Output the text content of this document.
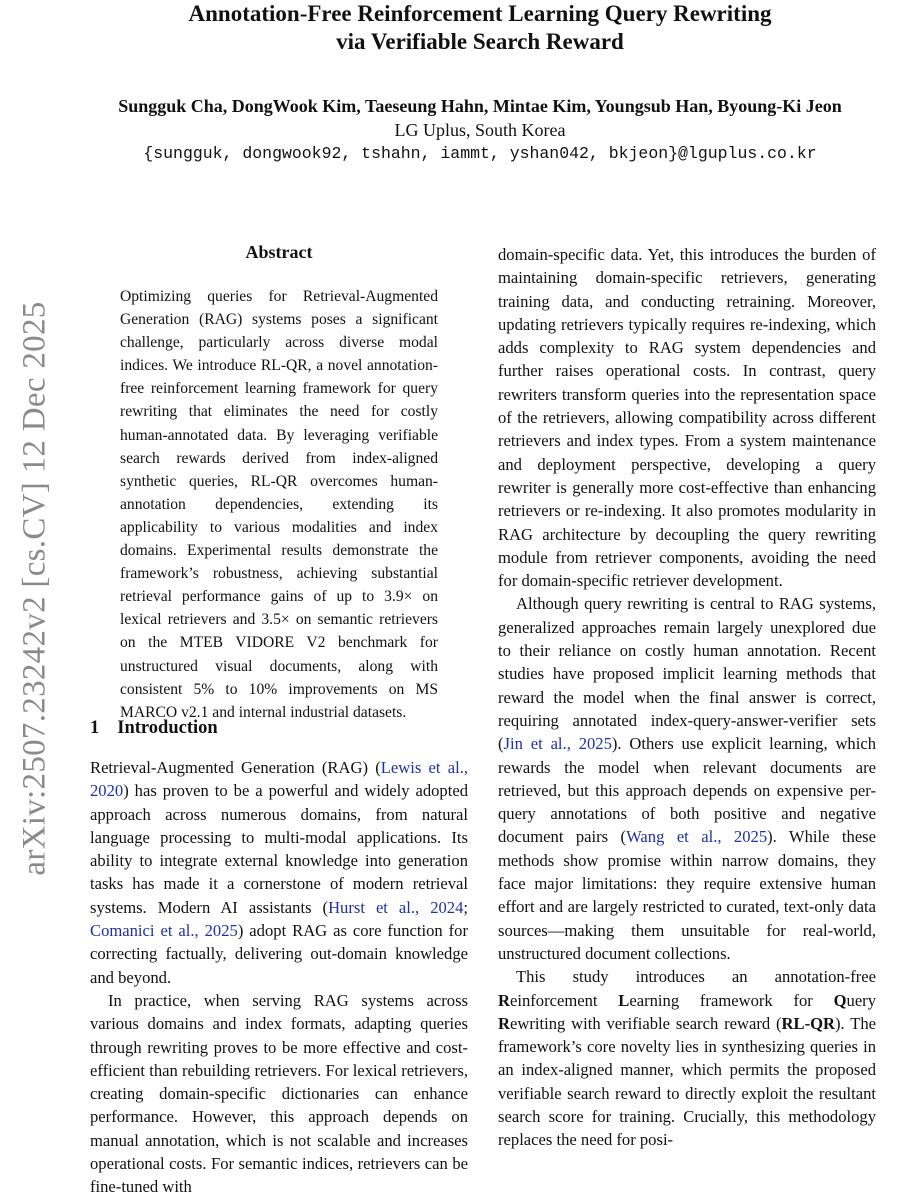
Annotation-Free Reinforcement Learning Query Rewriting
via Verifiable Search Reward
Sungguk Cha, DongWook Kim, Taeseung Hahn, Mintae Kim, Youngsub Han, Byoung-Ki Jeon
LG Uplus, South Korea
{sungguk, dongwook92, tshahn, iammt, yshan042, bkjeon}@lguplus.co.kr
arXiv:2507.23242v2 [cs.CV] 12 Dec 2025
Abstract
Optimizing queries for Retrieval-Augmented Generation (RAG) systems poses a significant challenge, particularly across diverse modal indices. We introduce RL-QR, a novel annotation-free reinforcement learning framework for query rewriting that eliminates the need for costly human-annotated data. By leveraging verifiable search rewards derived from index-aligned synthetic queries, RL-QR overcomes human-annotation dependencies, extending its applicability to various modalities and index domains. Experimental results demonstrate the framework’s robustness, achieving substantial retrieval performance gains of up to 3.9× on lexical retrievers and 3.5× on semantic retrievers on the MTEB VIDORE V2 benchmark for unstructured visual documents, along with consistent 5% to 10% improvements on MS MARCO v2.1 and internal industrial datasets.
1 Introduction

Retrieval-Augmented Generation (RAG) (Lewis et al., 2020) has proven to be a powerful and widely adopted approach across numerous domains, from natural language processing to multi-modal applications. Its ability to integrate external knowledge into generation tasks has made it a cornerstone of modern retrieval systems. Modern AI assistants (Hurst et al., 2024; Comanici et al., 2025) adopt RAG as core function for correcting factually, delivering out-domain knowledge and beyond.

In practice, when serving RAG systems across various domains and index formats, adapting queries through rewriting proves to be more effective and cost-efficient than rebuilding retrievers. For lexical retrievers, creating domain-specific dictionaries can enhance performance. However, this approach depends on manual annotation, which is not scalable and increases operational costs. For semantic indices, retrievers can be fine-tuned with

domain-specific data. Yet, this introduces the burden of maintaining domain-specific retrievers, generating training data, and conducting retraining. Moreover, updating retrievers typically requires re-indexing, which adds complexity to RAG system dependencies and further raises operational costs. In contrast, query rewriters transform queries into the representation space of the retrievers, allowing compatibility across different retrievers and index types. From a system maintenance and deployment perspective, developing a query rewriter is generally more cost-effective than enhancing retrievers or re-indexing. It also promotes modularity in RAG architecture by decoupling the query rewriting module from retriever components, avoiding the need for domain-specific retriever development.

Although query rewriting is central to RAG systems, generalized approaches remain largely unexplored due to their reliance on costly human annotation. Recent studies have proposed implicit learning methods that reward the model when the final answer is correct, requiring annotated index-query-answer-verifier sets (Jin et al., 2025). Others use explicit learning, which rewards the model when relevant documents are retrieved, but this approach depends on expensive per-query annotations of both positive and negative document pairs (Wang et al., 2025). While these methods show promise within narrow domains, they face major limitations: they require extensive human effort and are largely restricted to curated, text-only data sources—making them unsuitable for real-world, unstructured document collections.

This study introduces an annotation-free Reinforcement Learning framework for Query Rewriting with verifiable search reward (RL-QR). The framework’s core novelty lies in synthesizing queries in an index-aligned manner, which permits the proposed verifiable search reward to directly exploit the resultant search score for training. Crucially, this methodology replaces the need for posi-
